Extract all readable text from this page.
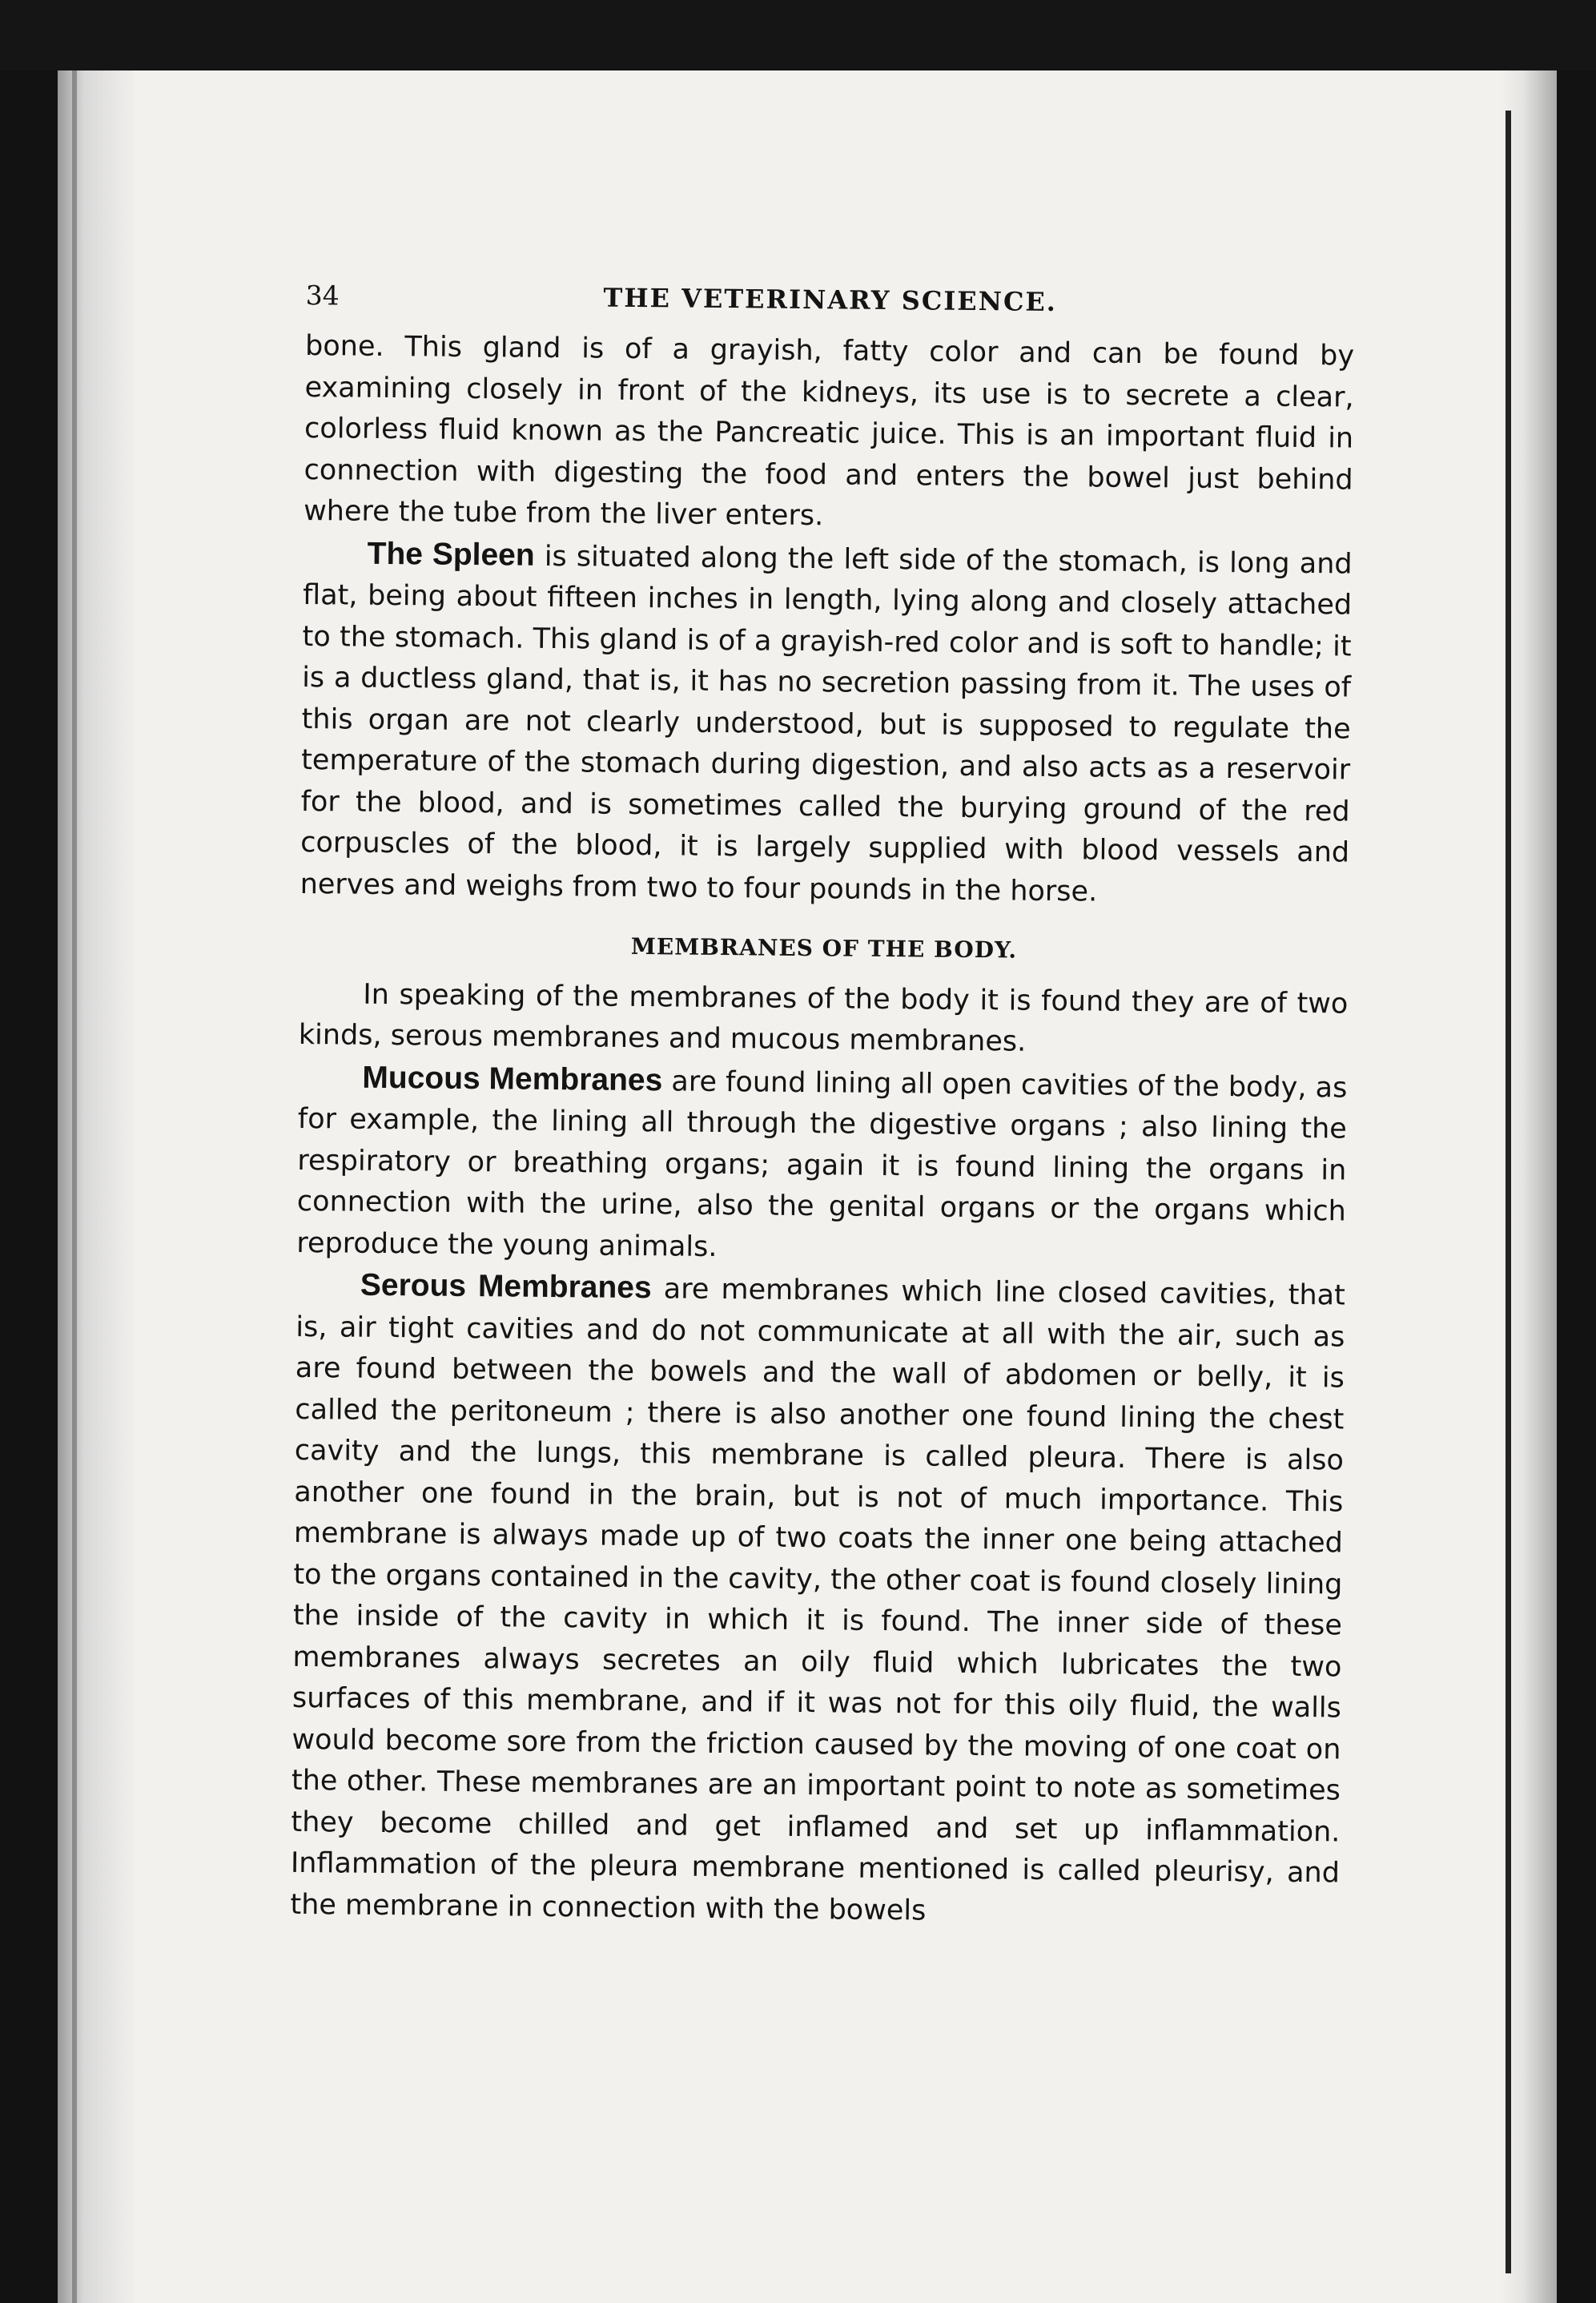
34	THE VETERINARY SCIENCE.

bone. This gland is of a grayish, fatty color and can be found by examining closely in front of the kidneys, its use is to secrete a clear, colorless fluid known as the Pancreatic juice. This is an important fluid in connection with digesting the food and enters the bowel just behind where the tube from the liver enters.

The Spleen is situated along the left side of the stomach, is long and flat, being about fifteen inches in length, lying along and closely attached to the stomach. This gland is of a grayish-red color and is soft to handle; it is a ductless gland, that is, it has no secretion passing from it. The uses of this organ are not clearly understood, but is supposed to regulate the temperature of the stomach during digestion, and also acts as a reservoir for the blood, and is sometimes called the burying ground of the red corpuscles of the blood, it is largely supplied with blood vessels and nerves and weighs from two to four pounds in the horse.

MEMBRANES OF THE BODY.

In speaking of the membranes of the body it is found they are of two kinds, serous membranes and mucous membranes.

Mucous Membranes are found lining all open cavities of the body, as for example, the lining all through the digestive organs ; also lining the respiratory or breathing organs; again it is found lining the organs in connection with the urine, also the genital organs or the organs which reproduce the young animals.

Serous Membranes are membranes which line closed cavities, that is, air tight cavities and do not communicate at all with the air, such as are found between the bowels and the wall of abdomen or belly, it is called the peritoneum ; there is also another one found lining the chest cavity and the lungs, this membrane is called pleura. There is also another one found in the brain, but is not of much importance. This membrane is always made up of two coats the inner one being attached to the organs contained in the cavity, the other coat is found closely lining the inside of the cavity in which it is found. The inner side of these membranes always secretes an oily fluid which lubricates the two surfaces of this membrane, and if it was not for this oily fluid, the walls would become sore from the friction caused by the moving of one coat on the other. These membranes are an important point to note as sometimes they become chilled and get inflamed and set up inflammation. Inflammation of the pleura membrane mentioned is called pleurisy, and the membrane in connection with the bowels
